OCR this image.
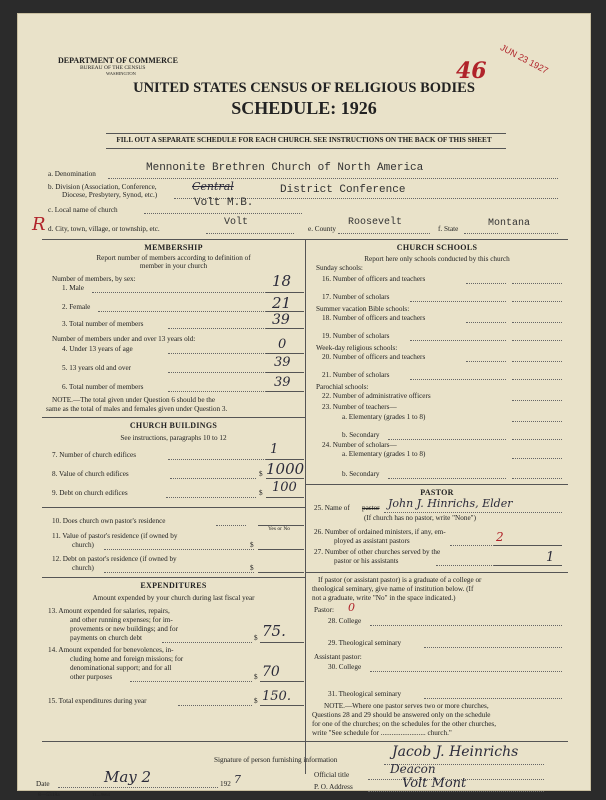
DEPARTMENT OF COMMERCE
BUREAU OF THE CENSUS
WASHINGTON	46 JUN 23 1927
UNITED STATES CENSUS OF RELIGIOUS BODIES
SCHEDULE: 1926
FILL OUT A SEPARATE SCHEDULE FOR EACH CHURCH. SEE INSTRUCTIONS ON THE BACK OF THIS SHEET
a. Denomination	Mennonite Brethren Church of North America
b. Division (Association, Conference,
Diocese, Presbytery, Synod, etc.)
Central	District Conference
c. Local name of church
Volt M.B.
R d. City, town, village, or township, etc.
Volt
e. County
Roosevelt
f. State	Montana
MEMBERSHIP
Report number of members according to definition of
member in your church
Number of members, by sex:
1. Male	18
2. Female	21
3. Total number of members	39
Number of members under and over 13 years old:
4. Under 13 years of age	0
5. 13 years old and over	39
6. Total number of members	39
NOTE.—The total given under Question 6 should be the
same as the total of males and females given under Question 3.
CHURCH BUILDINGS
See instructions, paragraphs 10 to 12
7. Number of church edifices	1
8. Value of church edifices	$ 1000
9. Debt on church edifices	$ 100
10. Does church own pastor's residence
Yes or No
11. Value of pastor's residence (if owned by
church)	$
12. Debt on pastor's residence (if owned by
church)	$
EXPENDITURES
Amount expended by your church during last fiscal year
13. Amount expended for salaries, repairs,
and other running expenses; for im-
provements or new buildings; and for
payments on church debt	$ 75.
14. Amount expended for benevolences, in-
cluding home and foreign missions; for
denominational support; and for all
other purposes	$ 70
15. Total expenditures during year	$ 150.
CHURCH SCHOOLS
Report here only schools conducted by this church
Sunday schools:
16. Number of officers and teachers
17. Number of scholars
Summer vacation Bible schools:
18. Number of officers and teachers
19. Number of scholars
Week-day religious schools:
20. Number of officers and teachers
21. Number of scholars
Parochial schools:
22. Number of administrative officers
23. Number of teachers—
a. Elementary (grades 1 to 8)
b. Secondary
24. Number of scholars—
a. Elementary (grades 1 to 8)
b. Secondary
PASTOR
25. Name of pastor John J. Hinrichs, Elder
(If church has no pastor, write "None")
26. Number of ordained ministers, if any, em-
ployed as assistant pastors	2
27. Number of other churches served by the
pastor or his assistants	1
If pastor (or assistant pastor) is a graduate of a college or
theological seminary, give name of institution below. (If
not a graduate, write "No" in the space indicated.)
Pastor: 0
28. College
29. Theological seminary
Assistant pastor:
30. College
31. Theological seminary
NOTE.—Where one pastor serves two or more churches,
Questions 28 and 29 should be answered only on the schedule
for one of the churches; on the schedules for the other churches,
write "See schedule for ......................... church."
Signature of person furnishing information	Jacob J. Heinrichs
Official title	Deacon
Date	May 2	192 7
P. O. Address	Volt Mont
8—5318a	11—9664
